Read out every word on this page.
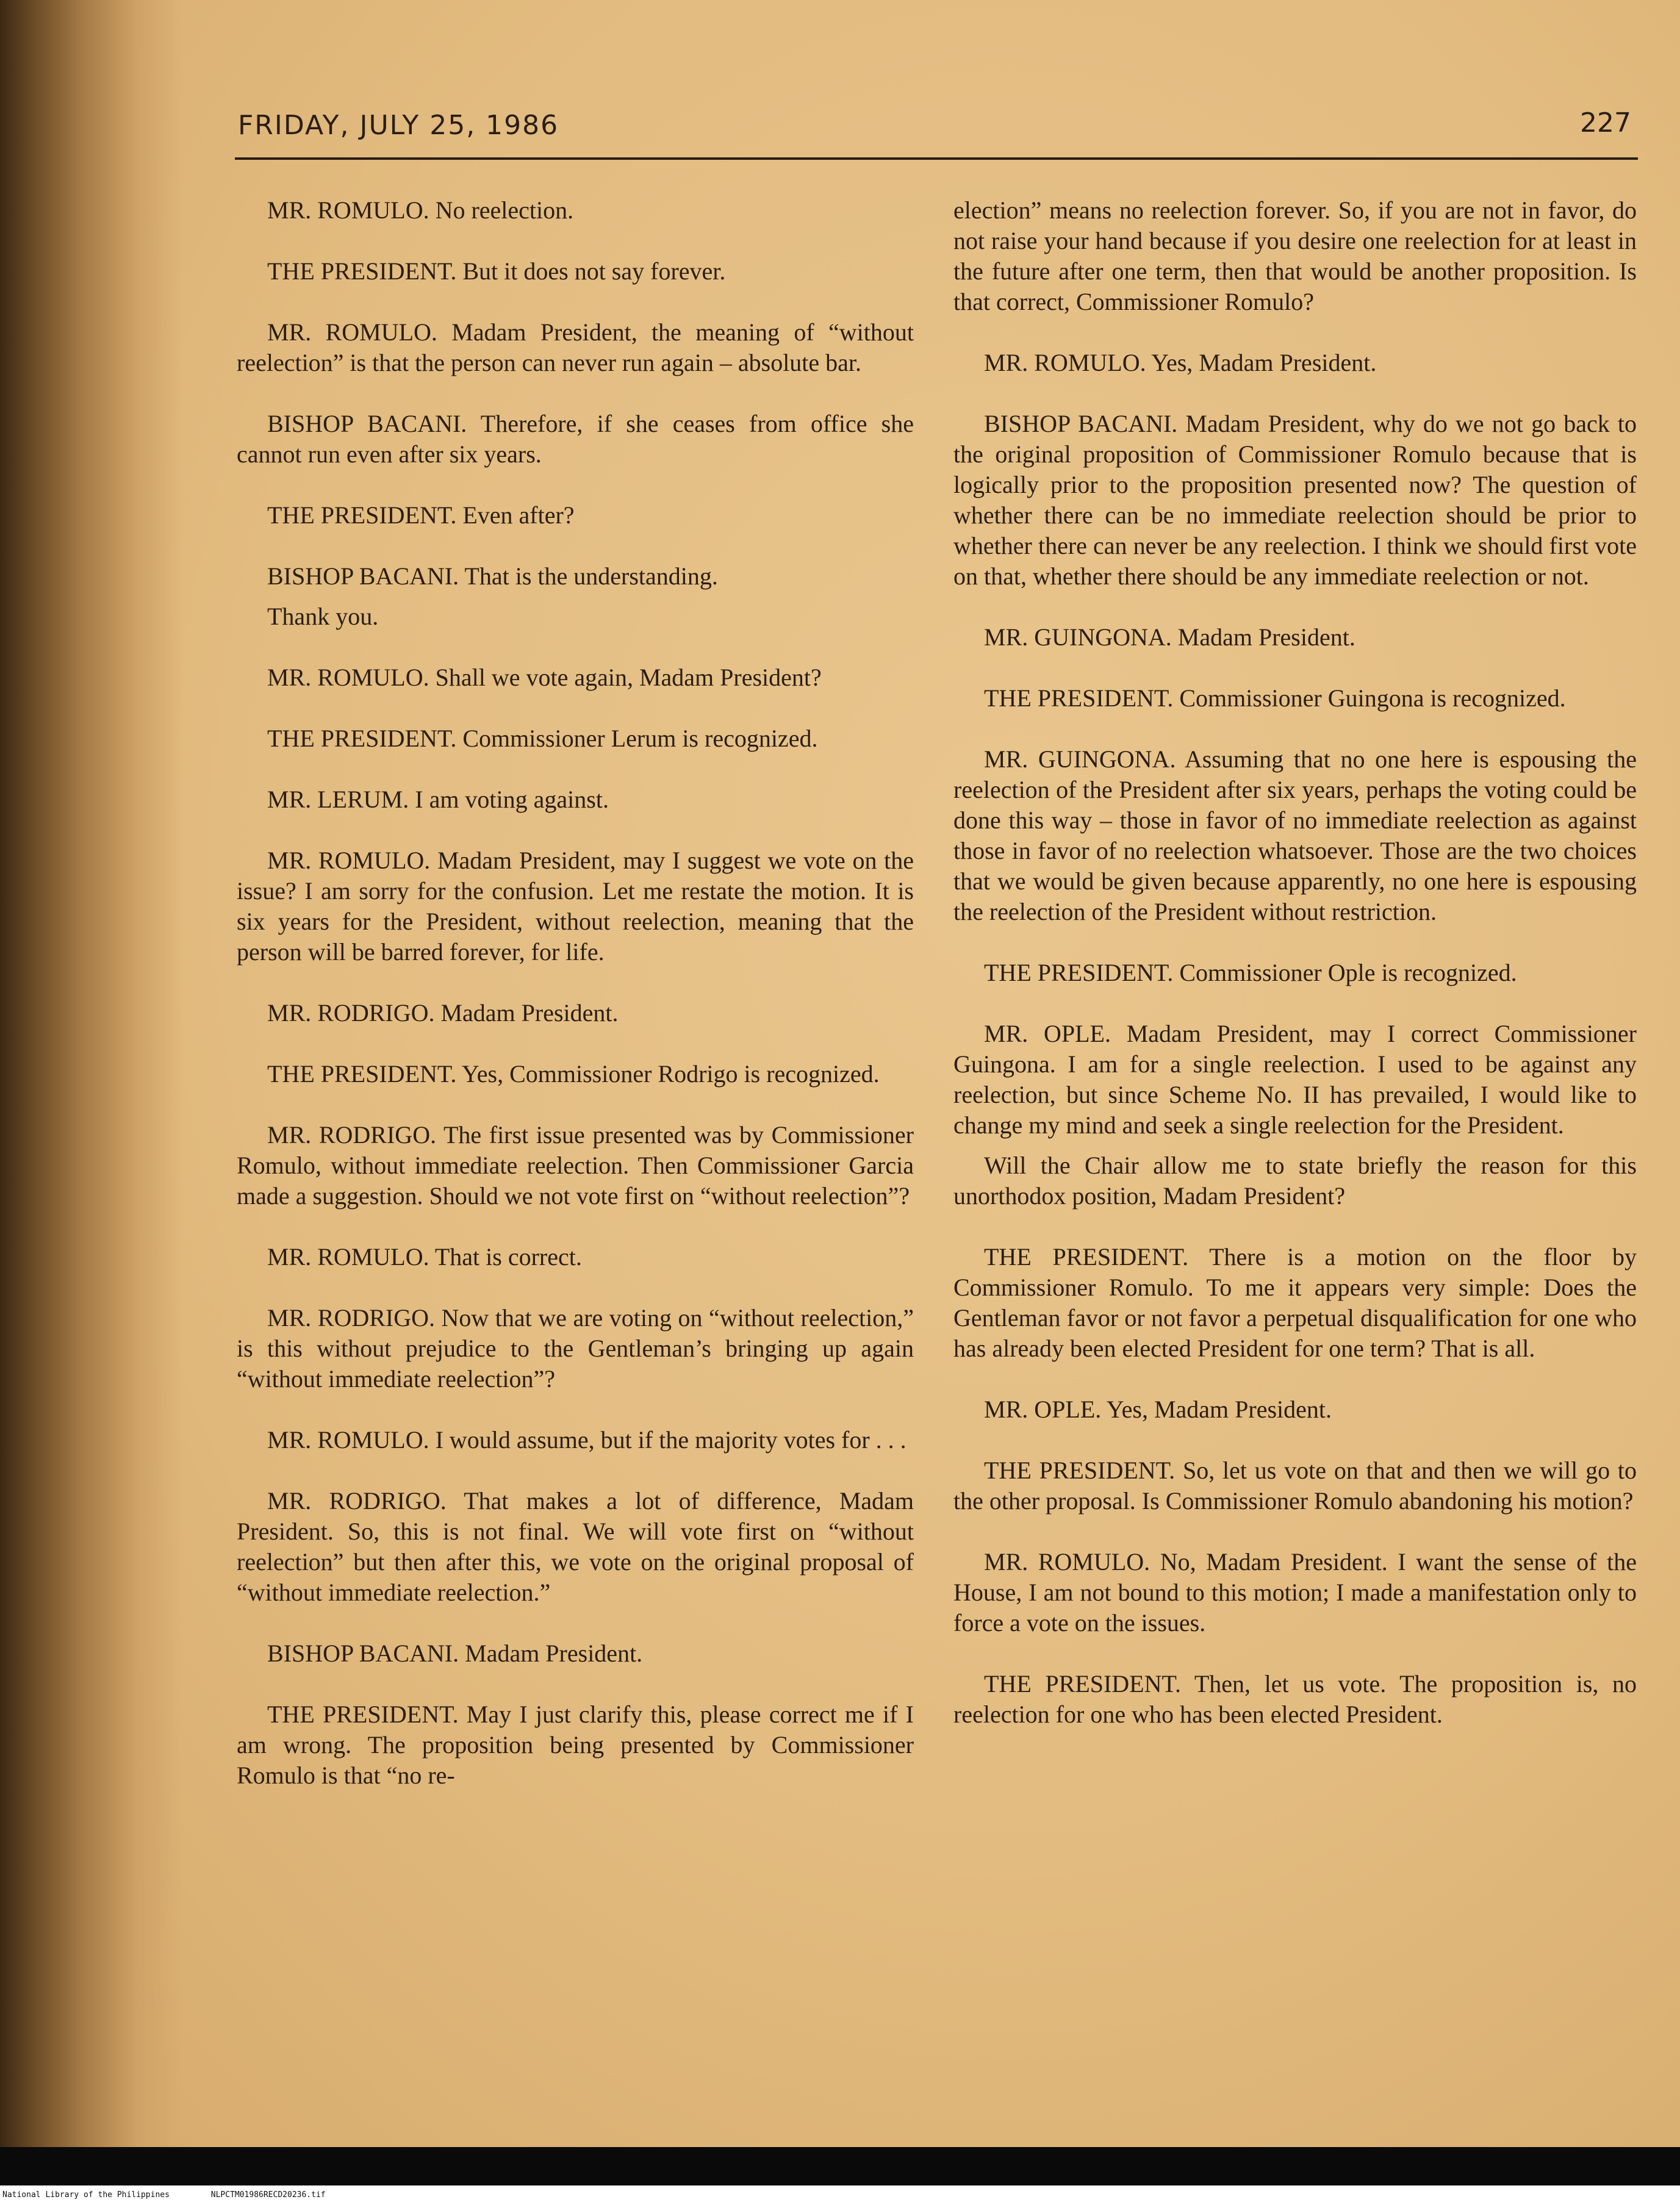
FRIDAY, JULY 25, 1986	227

MR. ROMULO. No reelection.

THE PRESIDENT. But it does not say forever.

MR. ROMULO. Madam President, the meaning of “without reelection” is that the person can never run again – absolute bar.

BISHOP BACANI. Therefore, if she ceases from office she cannot run even after six years.

THE PRESIDENT. Even after?

BISHOP BACANI. That is the understanding.

Thank you.

MR. ROMULO. Shall we vote again, Madam President?

THE PRESIDENT. Commissioner Lerum is recognized.

MR. LERUM. I am voting against.

MR. ROMULO. Madam President, may I suggest we vote on the issue? I am sorry for the confusion. Let me restate the motion. It is six years for the President, without reelection, meaning that the person will be barred forever, for life.

MR. RODRIGO. Madam President.

THE PRESIDENT. Yes, Commissioner Rodrigo is recognized.

MR. RODRIGO. The first issue presented was by Commissioner Romulo, without immediate reelection. Then Commissioner Garcia made a suggestion. Should we not vote first on “without reelection”?

MR. ROMULO. That is correct.

MR. RODRIGO. Now that we are voting on “without reelection,” is this without prejudice to the Gentleman’s bringing up again “without immediate reelection”?

MR. ROMULO. I would assume, but if the majority votes for . . .

MR. RODRIGO. That makes a lot of difference, Madam President. So, this is not final. We will vote first on “without reelection” but then after this, we vote on the original proposal of “without immediate reelection.”

BISHOP BACANI. Madam President.

THE PRESIDENT. May I just clarify this, please correct me if I am wrong. The proposition being presented by Commissioner Romulo is that “no re-

election” means no reelection forever. So, if you are not in favor, do not raise your hand because if you desire one reelection for at least in the future after one term, then that would be another proposition. Is that correct, Commissioner Romulo?

MR. ROMULO. Yes, Madam President.

BISHOP BACANI. Madam President, why do we not go back to the original proposition of Commissioner Romulo because that is logically prior to the proposition presented now? The question of whether there can be no immediate reelection should be prior to whether there can never be any reelection. I think we should first vote on that, whether there should be any immediate reelection or not.

MR. GUINGONA. Madam President.

THE PRESIDENT. Commissioner Guingona is recognized.

MR. GUINGONA. Assuming that no one here is espousing the reelection of the President after six years, perhaps the voting could be done this way – those in favor of no immediate reelection as against those in favor of no reelection whatsoever. Those are the two choices that we would be given because apparently, no one here is espousing the reelection of the President without restriction.

THE PRESIDENT. Commissioner Ople is recognized.

MR. OPLE. Madam President, may I correct Commissioner Guingona. I am for a single reelection. I used to be against any reelection, but since Scheme No. II has prevailed, I would like to change my mind and seek a single reelection for the President.

Will the Chair allow me to state briefly the reason for this unorthodox position, Madam President?

THE PRESIDENT. There is a motion on the floor by Commissioner Romulo. To me it appears very simple: Does the Gentleman favor or not favor a perpetual disqualification for one who has already been elected President for one term? That is all.

MR. OPLE. Yes, Madam President.

THE PRESIDENT. So, let us vote on that and then we will go to the other proposal. Is Commissioner Romulo abandoning his motion?

MR. ROMULO. No, Madam President. I want the sense of the House, I am not bound to this motion; I made a manifestation only to force a vote on the issues.

THE PRESIDENT. Then, let us vote. The proposition is, no reelection for one who has been elected President.

National Library of the Philippines	NLPCTM01986RECD20236.tif
